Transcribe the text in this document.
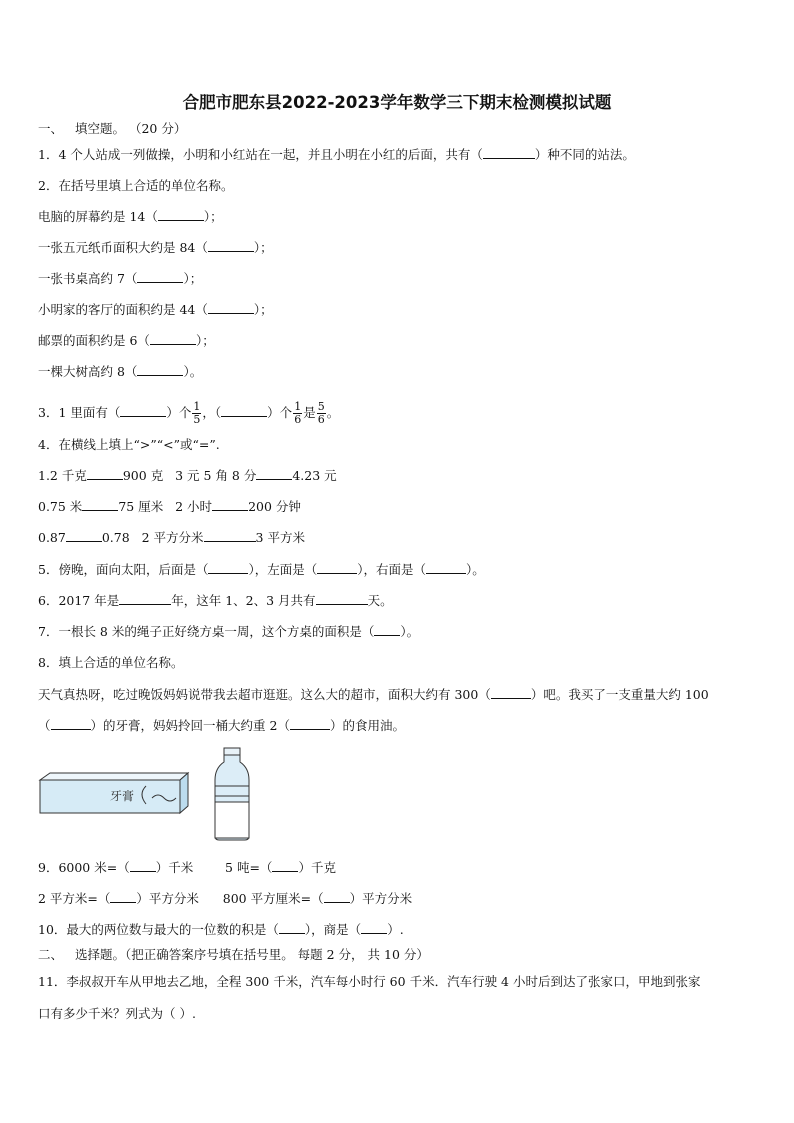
合肥市肥东县2022-2023学年数学三下期末检测模拟试题
一、 填空题。 （20 分）
1．4 个人站成一列做操，小明和小红站在一起，并且小明在小红的后面，共有（	）种不同的站法。
2．在括号里填上合适的单位名称。
电脑的屏幕约是 14（	）；
一张五元纸币面积大约是 84（	）；
一张书桌高约 7（	）；
小明家的客厅的面积约是 44（	）；
邮票的面积约是 6（	）；
一棵大树高约 8（	）。
3．1 里面有（	）个 $\frac{1}{5}$ ，（	）个 $\frac{1}{6}$ 是 $\frac{5}{6}$ 。
4．在横线上填上“>”“<”或“=”.
1.2 千克	900 克 3 元 5 角 8 分	4.23 元
0.75 米	75 厘米 2 小时	200 分钟
0.87	0.78 2 平方分米	3 平方米
5．傍晚，面向太阳，后面是（	），左面是（	），右面是（	）。
6．2017 年是	年，这年 1、2、3 月共有	天。
7．一根长 8 米的绳子正好绕方桌一周，这个方桌的面积是（ ）。
8．填上合适的单位名称。
天气真热呀，吃过晚饭妈妈说带我去超市逛逛。这么大的超市，面积大约有 300（	）吧。我买了一支重量大约 100
（	）的牙膏，妈妈拎回一桶大约重 2（	）的食用油。
牙膏
9．6000 米=（ ）千米	5 吨=（ ）千克
2 平方米=（ ）平方分米 800 平方厘米=（ ）平方分米
10．最大的两位数与最大的一位数的积是（ ），商是（ ）.
二、 选择题。（把正确答案序号填在括号里。 每题 2 分， 共 10 分）
11．李叔叔开车从甲地去乙地，全程 300 千米，汽车每小时行 60 千米．汽车行驶 4 小时后到达了张家口，甲地到张家
口有多少千米？列式为（ ）.
